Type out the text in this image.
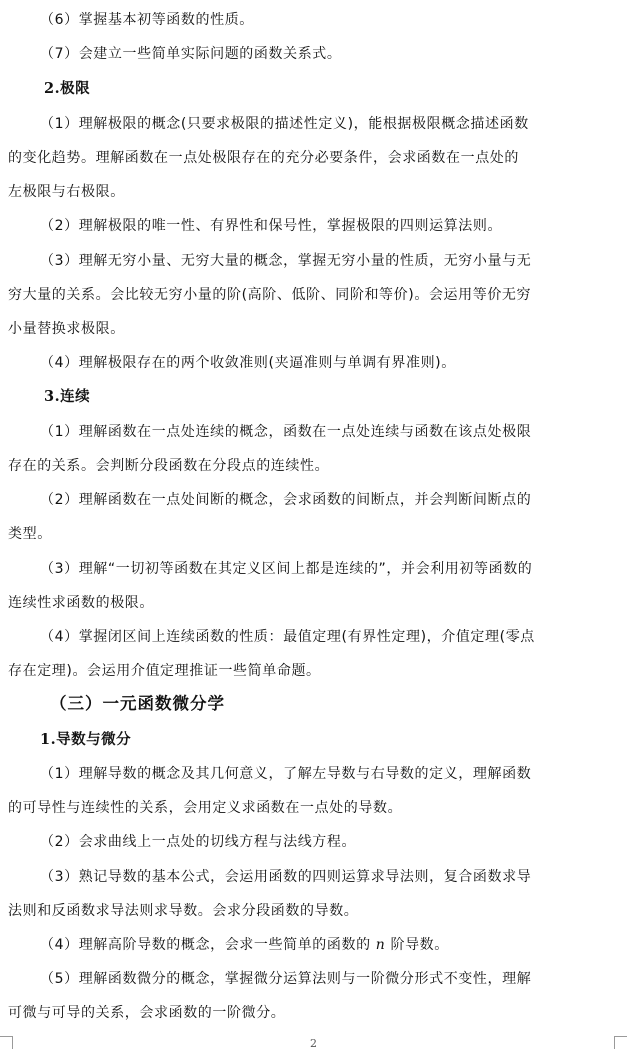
（6）掌握基本初等函数的性质。
（7）会建立一些简单实际问题的函数关系式。
2.极限
（1）理解极限的概念(只要求极限的描述性定义)，能根据极限概念描述函数
的变化趋势。理解函数在一点处极限存在的充分必要条件，会求函数在一点处的
左极限与右极限。
（2）理解极限的唯一性、有界性和保号性，掌握极限的四则运算法则。
（3）理解无穷小量、无穷大量的概念，掌握无穷小量的性质，无穷小量与无
穷大量的关系。会比较无穷小量的阶(高阶、低阶、同阶和等价)。会运用等价无穷
小量替换求极限。
（4）理解极限存在的两个收敛准则(夹逼准则与单调有界准则)。
3.连续
（1）理解函数在一点处连续的概念，函数在一点处连续与函数在该点处极限
存在的关系。会判断分段函数在分段点的连续性。
（2）理解函数在一点处间断的概念，会求函数的间断点，并会判断间断点的
类型。
（3）理解“一切初等函数在其定义区间上都是连续的”，并会利用初等函数的
连续性求函数的极限。
（4）掌握闭区间上连续函数的性质：最值定理(有界性定理)，介值定理(零点
存在定理)。会运用介值定理推证一些简单命题。
（三）一元函数微分学
1.导数与微分
（1）理解导数的概念及其几何意义，了解左导数与右导数的定义，理解函数
的可导性与连续性的关系，会用定义求函数在一点处的导数。
（2）会求曲线上一点处的切线方程与法线方程。
（3）熟记导数的基本公式，会运用函数的四则运算求导法则，复合函数求导
法则和反函数求导法则求导数。会求分段函数的导数。
（4）理解高阶导数的概念，会求一些简单的函数的 n 阶导数。
（5）理解函数微分的概念，掌握微分运算法则与一阶微分形式不变性，理解
可微与可导的关系，会求函数的一阶微分。
2
